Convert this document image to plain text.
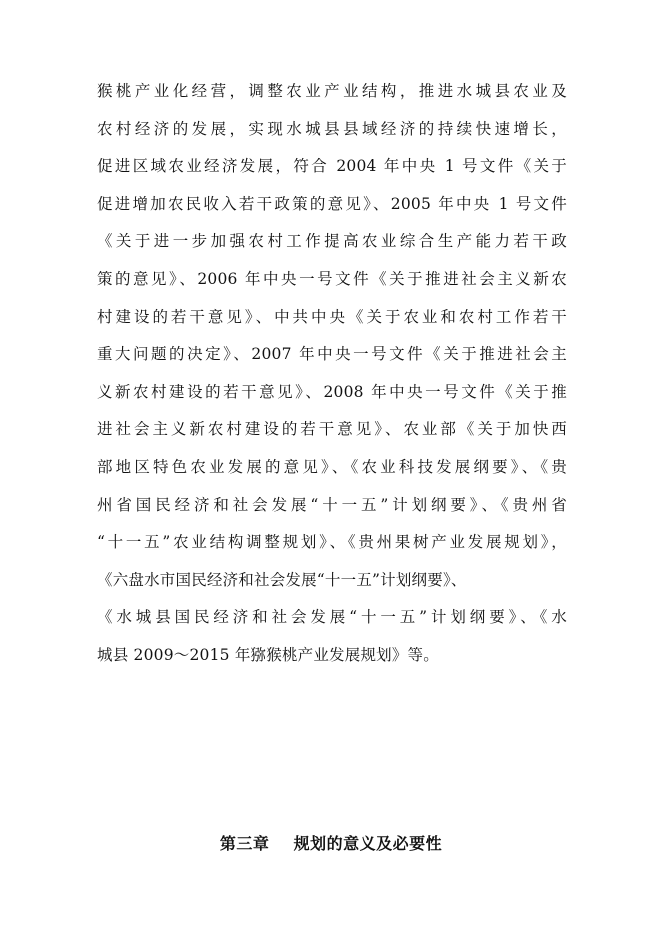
猴桃产业化经营，调整农业产业结构，推进水城县农业及
农村经济的发展，实现水城县县域经济的持续快速增长，
促进区域农业经济发展，符合 2004 年中央 1 号文件《关于
促进增加农民收入若干政策的意见》、2005 年中央 1 号文件
《关于进一步加强农村工作提高农业综合生产能力若干政
策的意见》、2006 年中央一号文件《关于推进社会主义新农
村建设的若干意见》、中共中央《关于农业和农村工作若干
重大问题的决定》、2007 年中央一号文件《关于推进社会主
义新农村建设的若干意见》、2008 年中央一号文件《关于推
进社会主义新农村建设的若干意见》、农业部《关于加快西
部地区特色农业发展的意见》、《农业科技发展纲要》、《贵
州省国民经济和社会发展“十一五”计划纲要》、《贵州省
“十一五”农业结构调整规划》、《贵州果树产业发展规划》，
《六盘水市国民经济和社会发展“十一五”计划纲要》、
《水城县国民经济和社会发展“十一五”计划纲要》、《水
城县 2009～2015 年猕猴桃产业发展规划》等。
第三章    规划的意义及必要性
